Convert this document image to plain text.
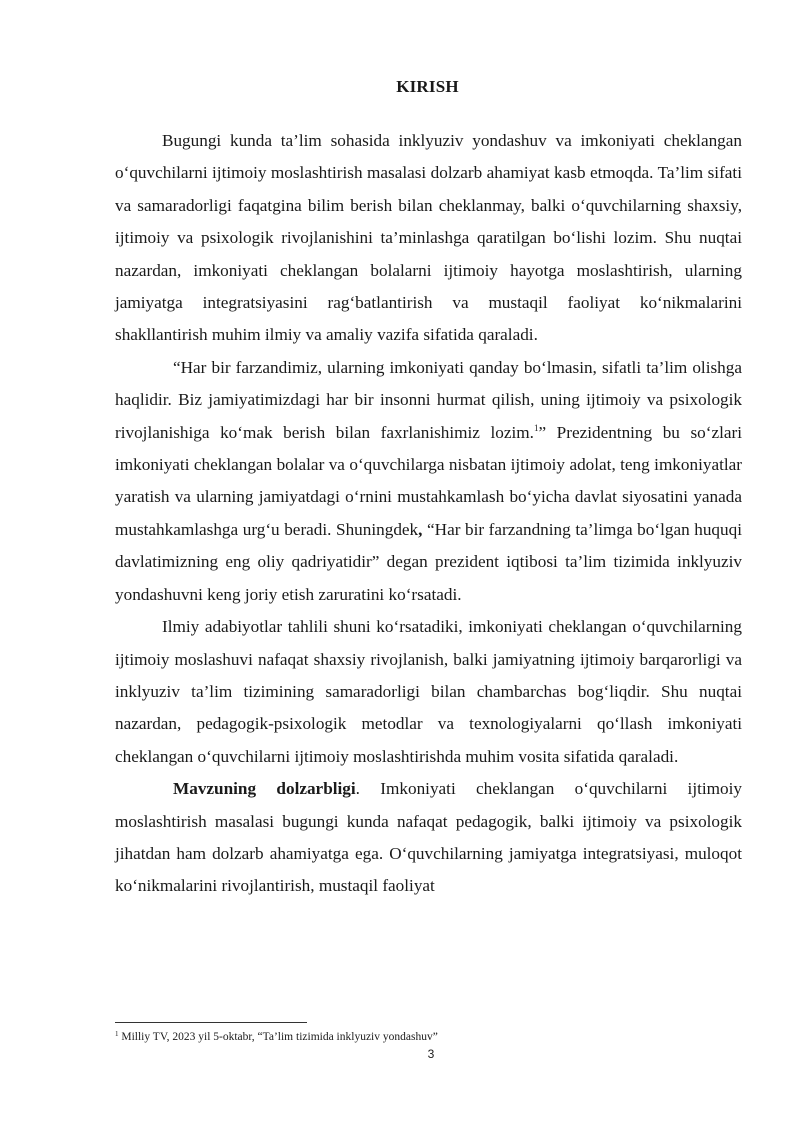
KIRISH

Bugungi kunda ta’lim sohasida inklyuziv yondashuv va imkoniyati cheklangan o‘quvchilarni ijtimoiy moslashtirish masalasi dolzarb ahamiyat kasb etmoqda. Ta’lim sifati va samaradorligi faqatgina bilim berish bilan cheklanmay, balki o‘quvchilarning shaxsiy, ijtimoiy va psixologik rivojlanishini ta’minlashga qaratilgan bo‘lishi lozim. Shu nuqtai nazardan, imkoniyati cheklangan bolalarni ijtimoiy hayotga moslashtirish, ularning jamiyatga integratsiyasini rag‘batlantirish va mustaqil faoliyat ko‘nikmalarini shakllantirish muhim ilmiy va amaliy vazifa sifatida qaraladi.

“Har bir farzandimiz, ularning imkoniyati qanday bo‘lmasin, sifatli ta’lim olishga haqlidir. Biz jamiyatimizdagi har bir insonni hurmat qilish, uning ijtimoiy va psixologik rivojlanishiga ko‘mak berish bilan faxrlanishimiz lozim.$^1$” Prezidentning bu so‘zlari imkoniyati cheklangan bolalar va o‘quvchilarga nisbatan ijtimoiy adolat, teng imkoniyatlar yaratish va ularning jamiyatdagi o‘rnini mustahkamlash bo‘yicha davlat siyosatini yanada mustahkamlashga urg‘u beradi. Shuningdek, “Har bir farzandning ta’limga bo‘lgan huquqi davlatimizning eng oliy qadriyatidir” degan prezident iqtibosi ta’lim tizimida inklyuziv yondashuvni keng joriy etish zaruratini ko‘rsatadi.

Ilmiy adabiyotlar tahlili shuni ko‘rsatadiki, imkoniyati cheklangan o‘quvchilarning ijtimoiy moslashuvi nafaqat shaxsiy rivojlanish, balki jamiyatning ijtimoiy barqarorligi va inklyuziv ta’lim tizimining samaradorligi bilan chambarchas bog‘liqdir. Shu nuqtai nazardan, pedagogik-psixologik metodlar va texnologiyalarni qo‘llash imkoniyati cheklangan o‘quvchilarni ijtimoiy moslashtirishda muhim vosita sifatida qaraladi.

Mavzuning dolzarbligi. Imkoniyati cheklangan o‘quvchilarni ijtimoiy moslashtirish masalasi bugungi kunda nafaqat pedagogik, balki ijtimoiy va psixologik jihatdan ham dolzarb ahamiyatga ega. O‘quvchilarning jamiyatga integratsiyasi, muloqot ko‘nikmalarini rivojlantirish, mustaqil faoliyat

$^1$ Milliy TV, 2023 yil 5-oktabr, “Ta’lim tizimida inklyuziv yondashuv”
3
